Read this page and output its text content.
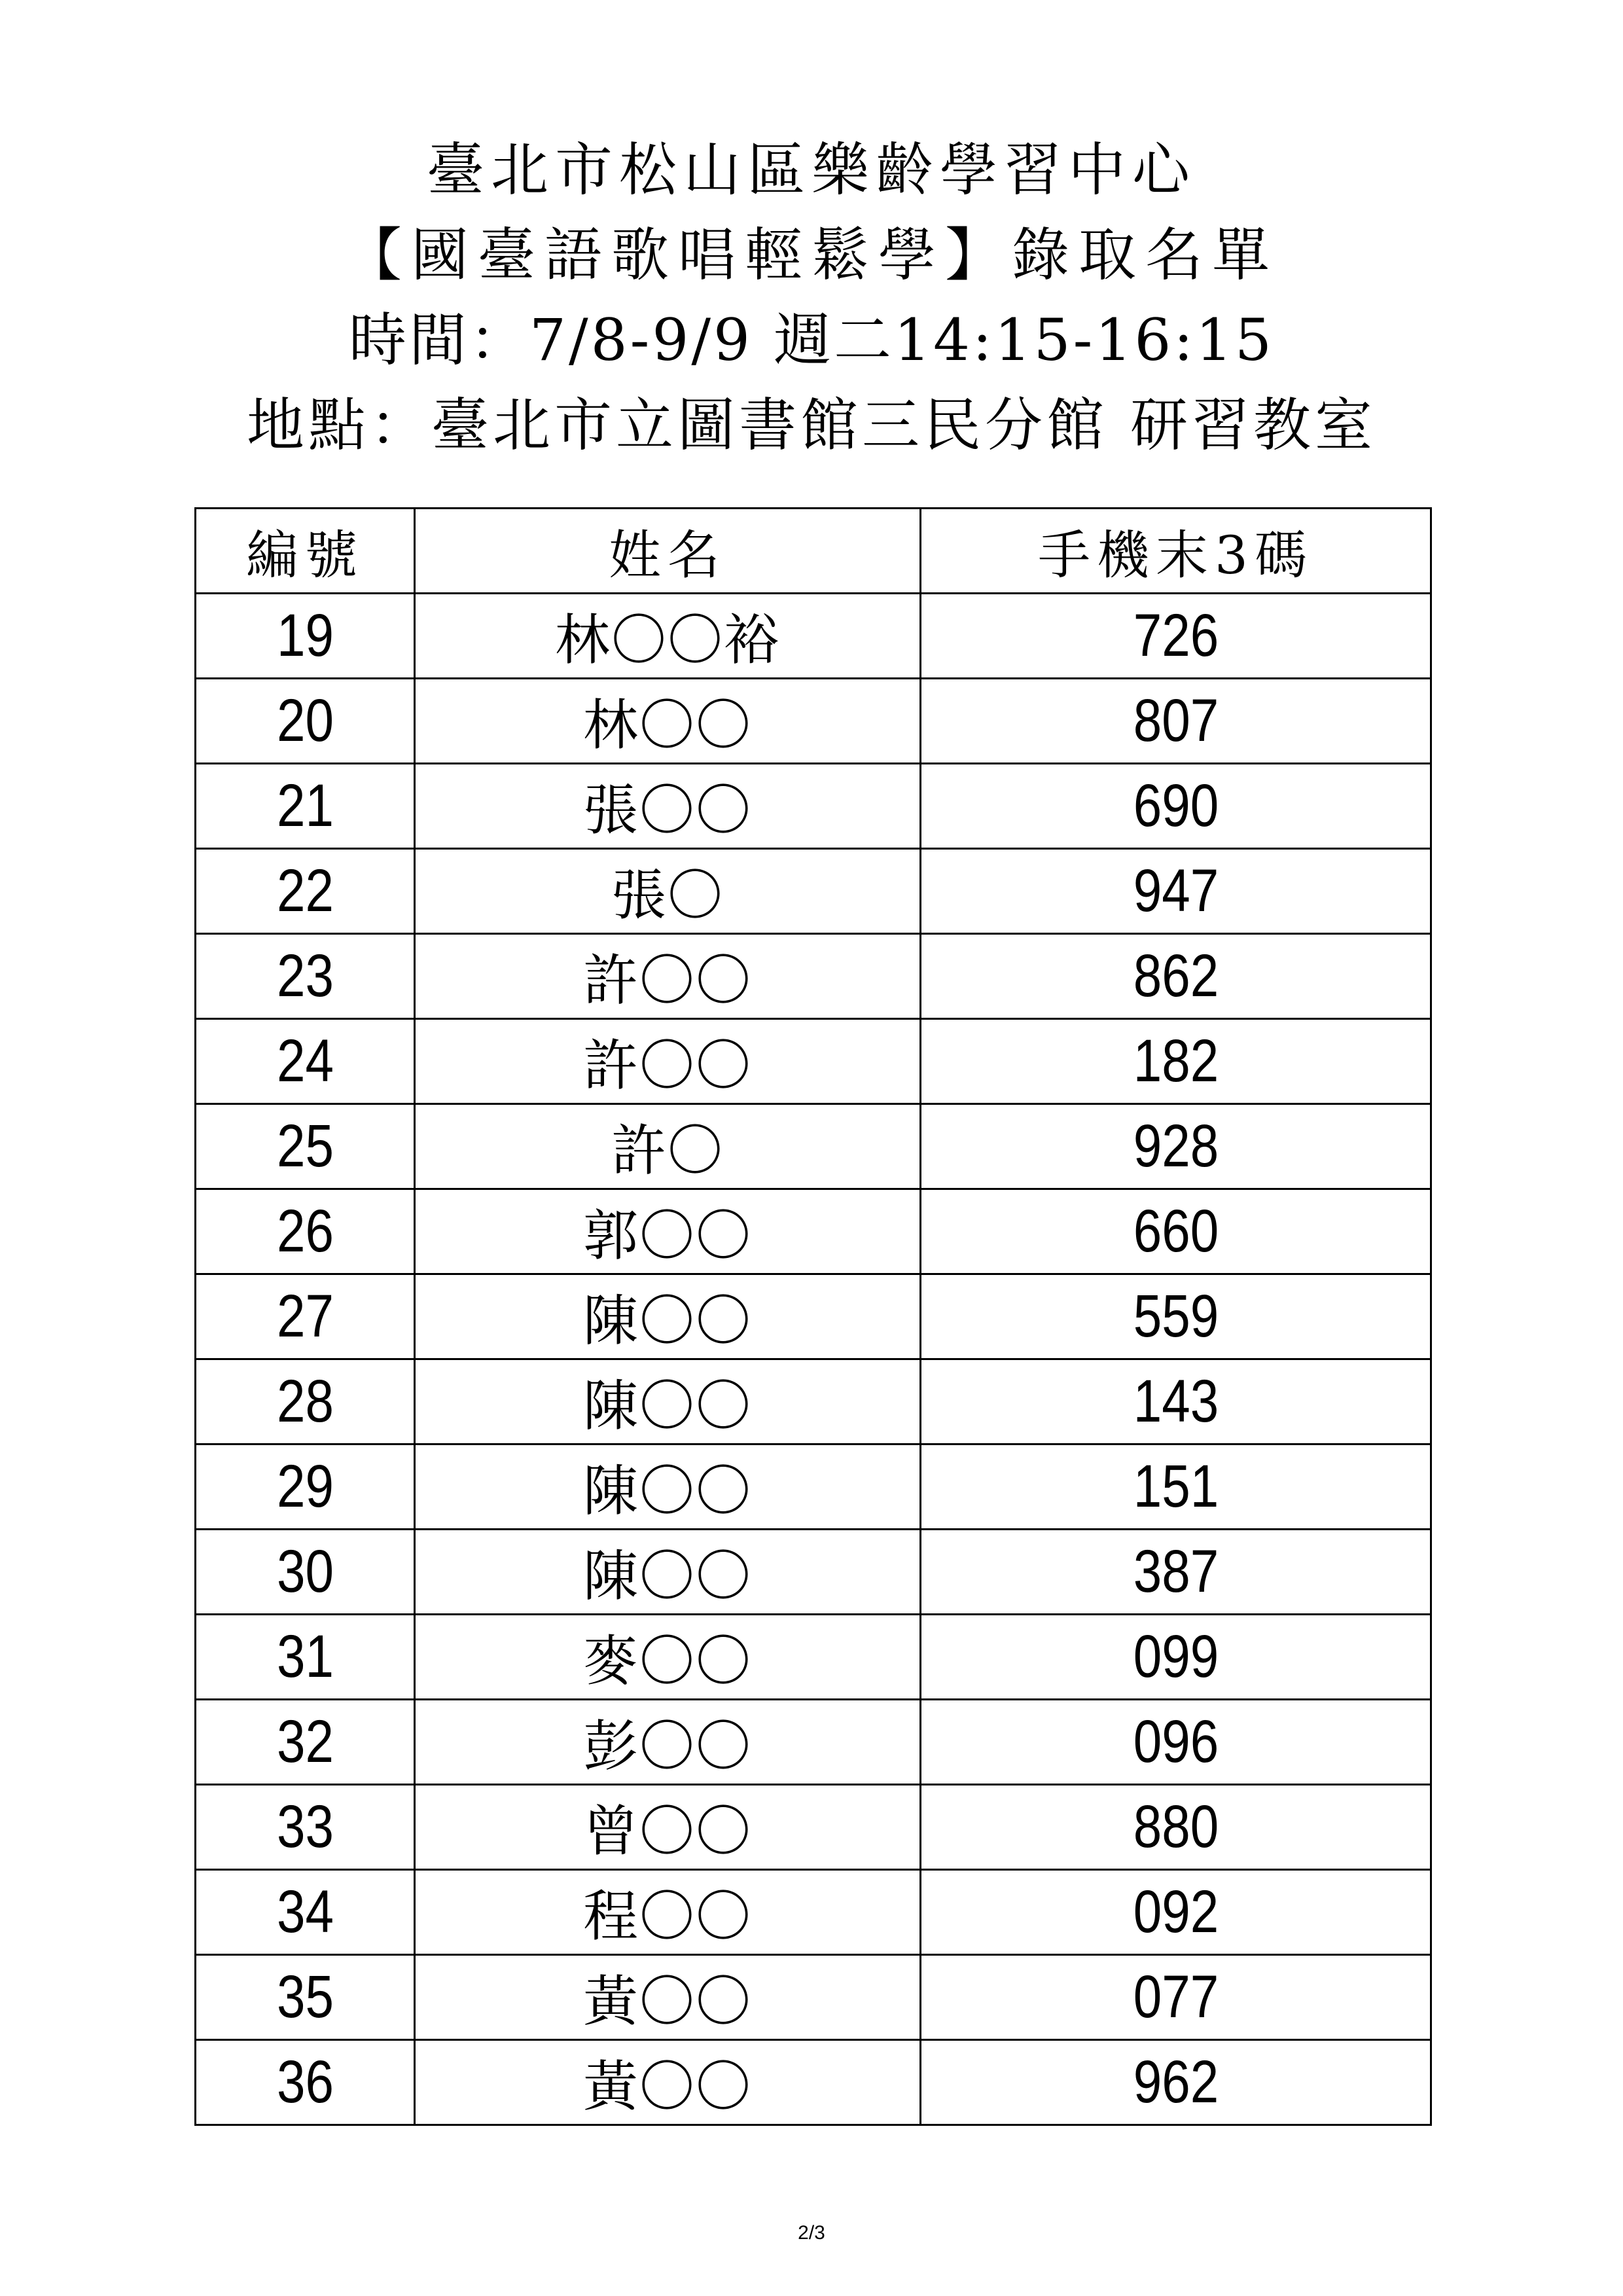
臺北市松山區樂齡學習中心
【國臺語歌唱輕鬆學】錄取名單
時間：7/8-9/9 週二14:15-16:15
地點：臺北市立圖書館三民分館 研習教室
編號	姓名	手機末3碼
19	林〇〇裕	726
20	林〇〇	807
21	張〇〇	690
22	張〇	947
23	許〇〇	862
24	許〇〇	182
25	許〇	928
26	郭〇〇	660
27	陳〇〇	559
28	陳〇〇	143
29	陳〇〇	151
30	陳〇〇	387
31	麥〇〇	099
32	彭〇〇	096
33	曾〇〇	880
34	程〇〇	092
35	黃〇〇	077
36	黃〇〇	962
2/3
